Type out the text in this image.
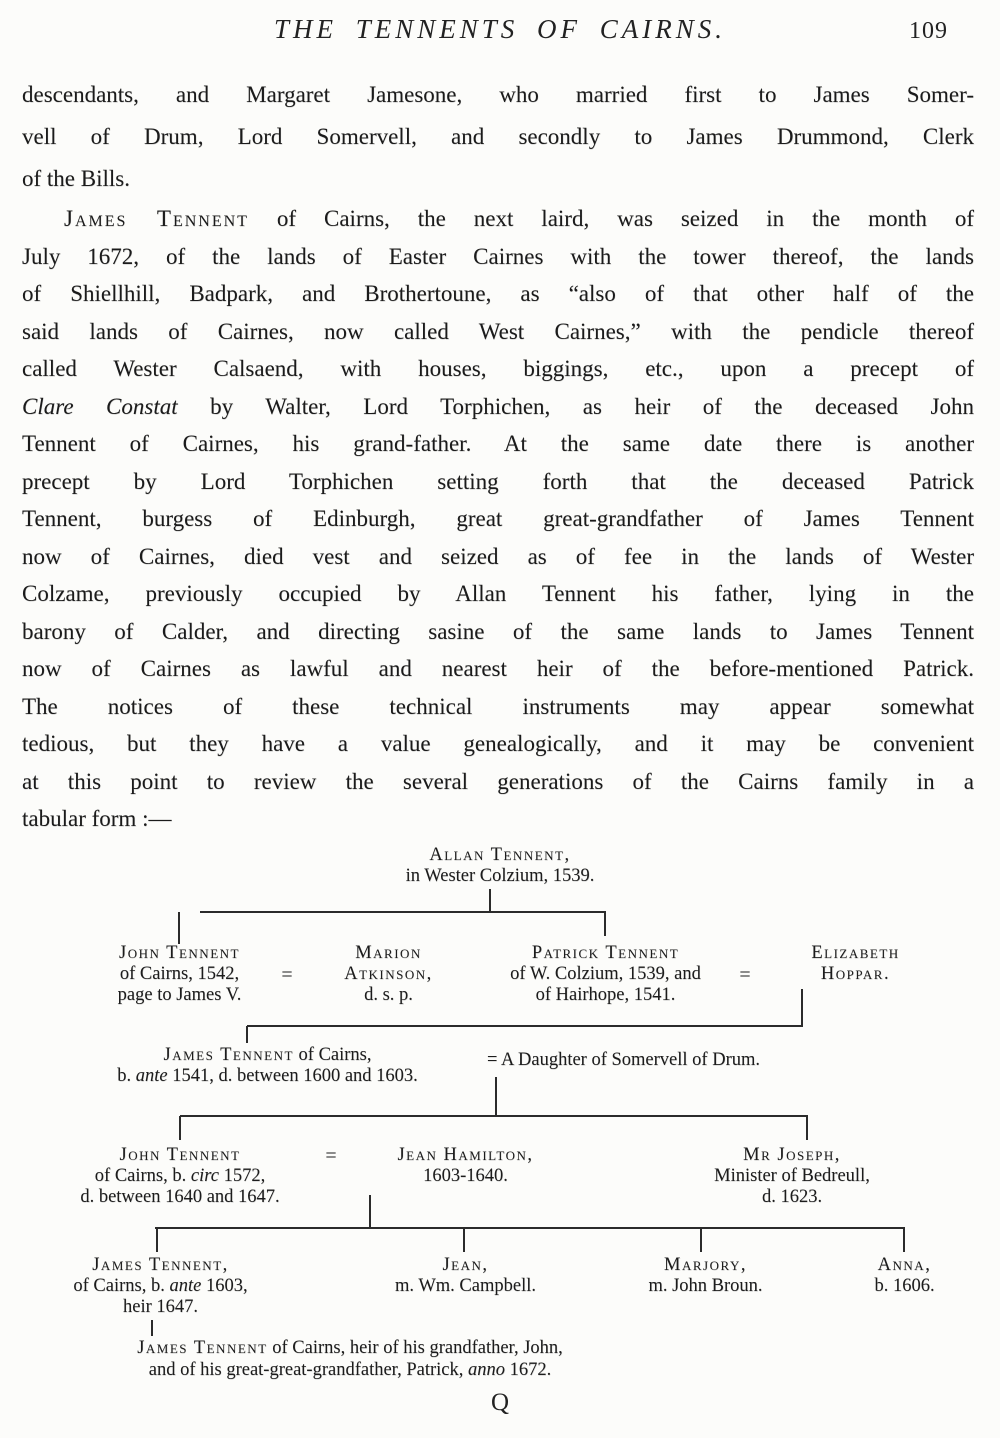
THE TENNENTS OF CAIRNS.	109
descendants, and Margaret Jamesone, who married first to James Somer-
vell of Drum, Lord Somervell, and secondly to James Drummond, Clerk
of the Bills.
James Tennent of Cairns, the next laird, was seized in the month of
July 1672, of the lands of Easter Cairnes with the tower thereof, the lands
of Shiellhill, Badpark, and Brothertoune, as “also of that other half of the
said lands of Cairnes, now called West Cairnes,” with the pendicle thereof
called Wester Calsaend, with houses, biggings, etc., upon a precept of
Clare Constat by Walter, Lord Torphichen, as heir of the deceased John
Tennent of Cairnes, his grand-father. At the same date there is another
precept by Lord Torphichen setting forth that the deceased Patrick
Tennent, burgess of Edinburgh, great great-grandfather of James Tennent
now of Cairnes, died vest and seized as of fee in the lands of Wester
Colzame, previously occupied by Allan Tennent his father, lying in the
barony of Calder, and directing sasine of the same lands to James Tennent
now of Cairnes as lawful and nearest heir of the before-mentioned Patrick.
The notices of these technical instruments may appear somewhat
tedious, but they have a value genealogically, and it may be convenient
at this point to review the several generations of the Cairns family in a
tabular form :—
Allan Tennent,
in Wester Colzium, 1539.
John Tennent
of Cairns, 1542,
page to James V.
=
Marion
Atkinson,
d. s. p.
Patrick Tennent
of W. Colzium, 1539, and
of Hairhope, 1541.
=
Elizabeth
Hoppar.
James Tennent of Cairns,
b. ante 1541, d. between 1600 and 1603.
= A Daughter of Somervell of Drum.
John Tennent
of Cairns, b. circ 1572,
d. between 1640 and 1647.
=	Jean Hamilton,
1603-1640.
Mr Joseph,
Minister of Bedreull,
d. 1623.
James Tennent,
of Cairns, b. ante 1603,
heir 1647.
Jean,
m. Wm. Campbell.
Marjory,
m. John Broun.
Anna,
b. 1606.
James Tennent of Cairns, heir of his grandfather, John,
and of his great-great-grandfather, Patrick, anno 1672.
Q
